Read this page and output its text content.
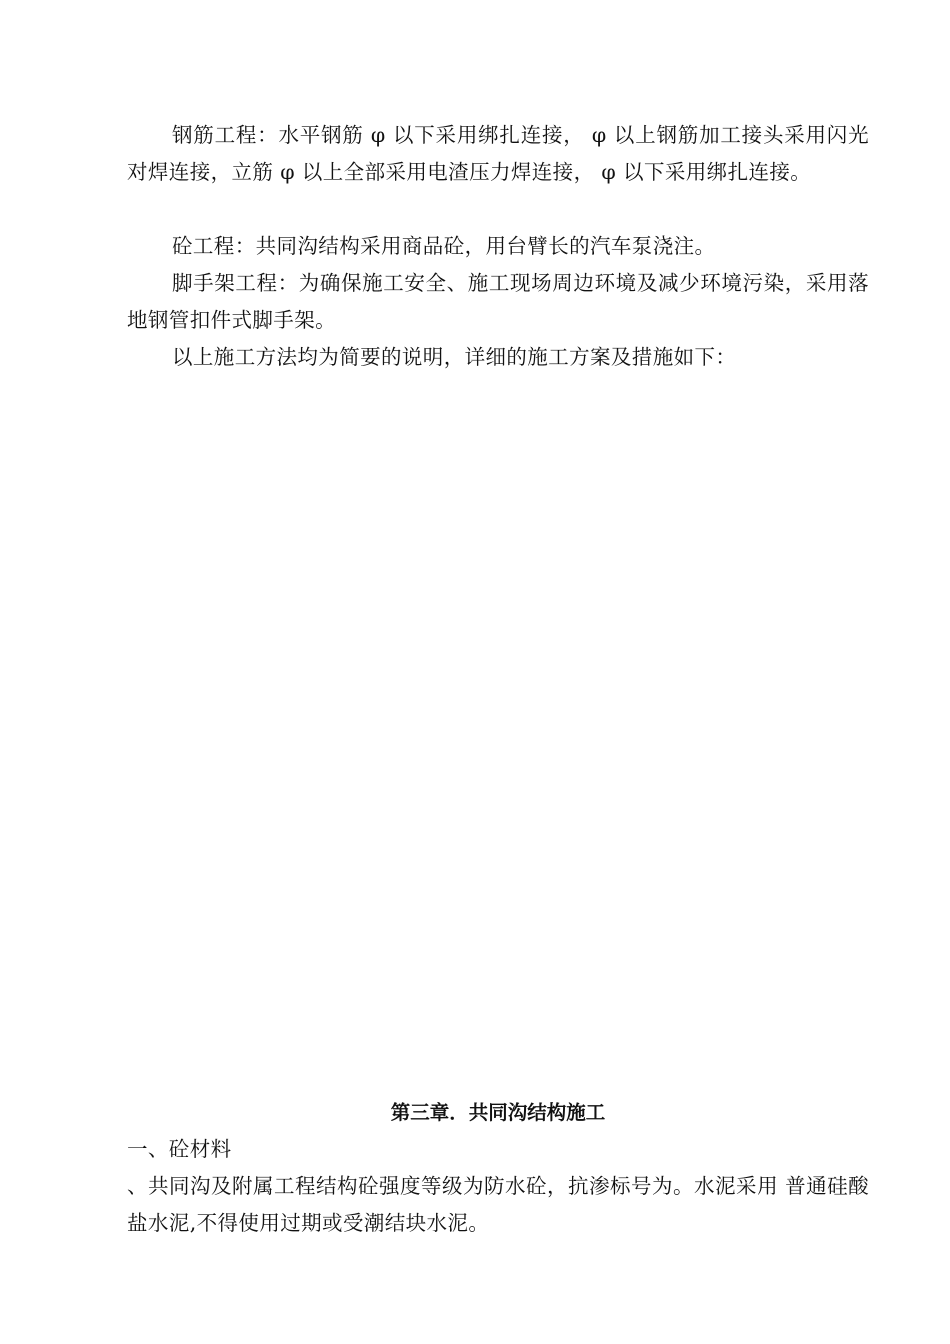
钢筋工程：水平钢筋 φ 以下采用绑扎连接， φ 以上钢筋加工接头采用闪光对焊连接，立筋 φ 以上全部采用电渣压力焊连接， φ 以下采用绑扎连接。

砼工程：共同沟结构采用商品砼，用台臂长的汽车泵浇注。

脚手架工程：为确保施工安全、施工现场周边环境及减少环境污染，采用落地钢管扣件式脚手架。

以上施工方法均为简要的说明，详细的施工方案及措施如下：

第三章．共同沟结构施工

一、砼材料

、共同沟及附属工程结构砼强度等级为防水砼，抗渗标号为。水泥采用 普通硅酸盐水泥,不得使用过期或受潮结块水泥。
